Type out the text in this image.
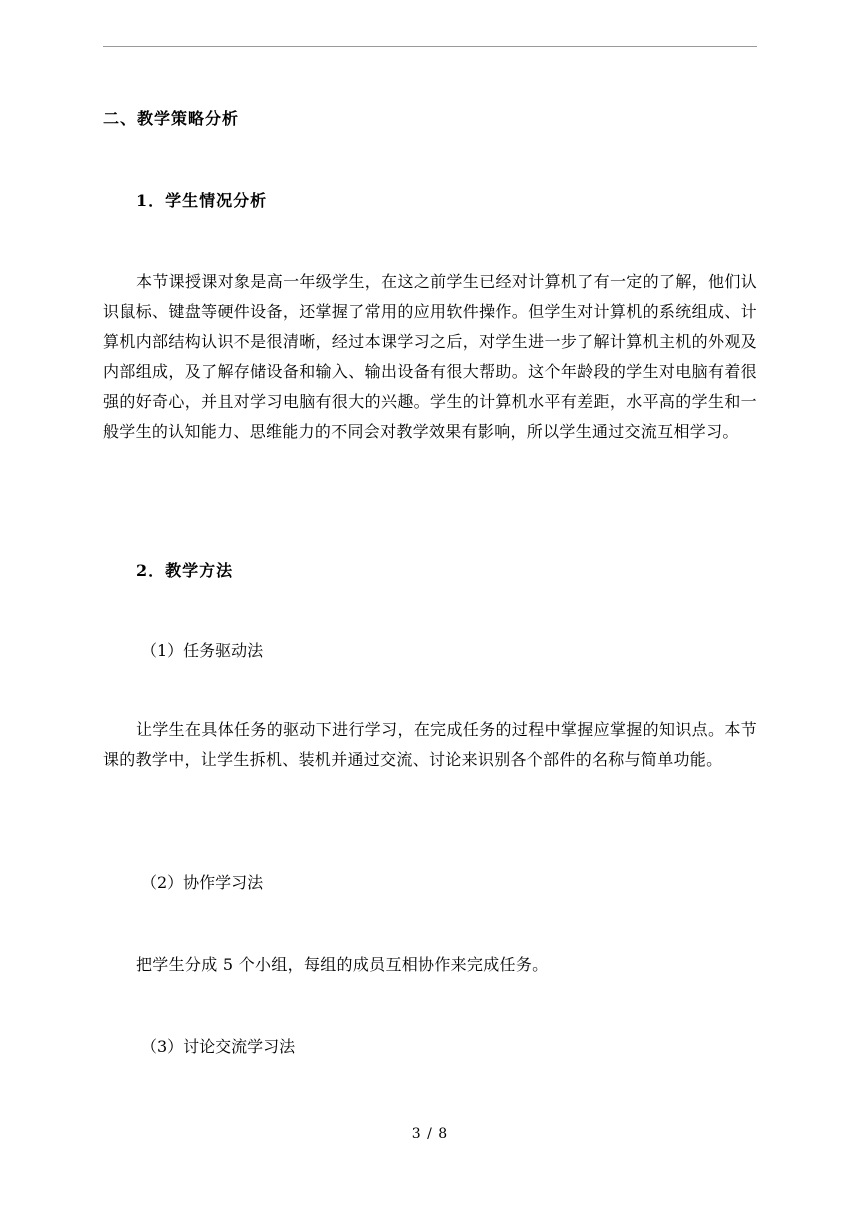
二、教学策略分析

1．学生情况分析

本节课授课对象是高一年级学生，在这之前学生已经对计算机了有一定的了解，他们认识鼠标、键盘等硬件设备，还掌握了常用的应用软件操作。但学生对计算机的系统组成、计算机内部结构认识不是很清晰，经过本课学习之后，对学生进一步了解计算机主机的外观及内部组成，及了解存储设备和输入、输出设备有很大帮助。这个年龄段的学生对电脑有着很强的好奇心，并且对学习电脑有很大的兴趣。学生的计算机水平有差距，水平高的学生和一般学生的认知能力、思维能力的不同会对教学效果有影响，所以学生通过交流互相学习。

2．教学方法

（1）任务驱动法

让学生在具体任务的驱动下进行学习，在完成任务的过程中掌握应掌握的知识点。本节课的教学中，让学生拆机、装机并通过交流、讨论来识别各个部件的名称与简单功能。

（2）协作学习法

把学生分成 5 个小组，每组的成员互相协作来完成任务。

（3）讨论交流学习法

3 / 8
